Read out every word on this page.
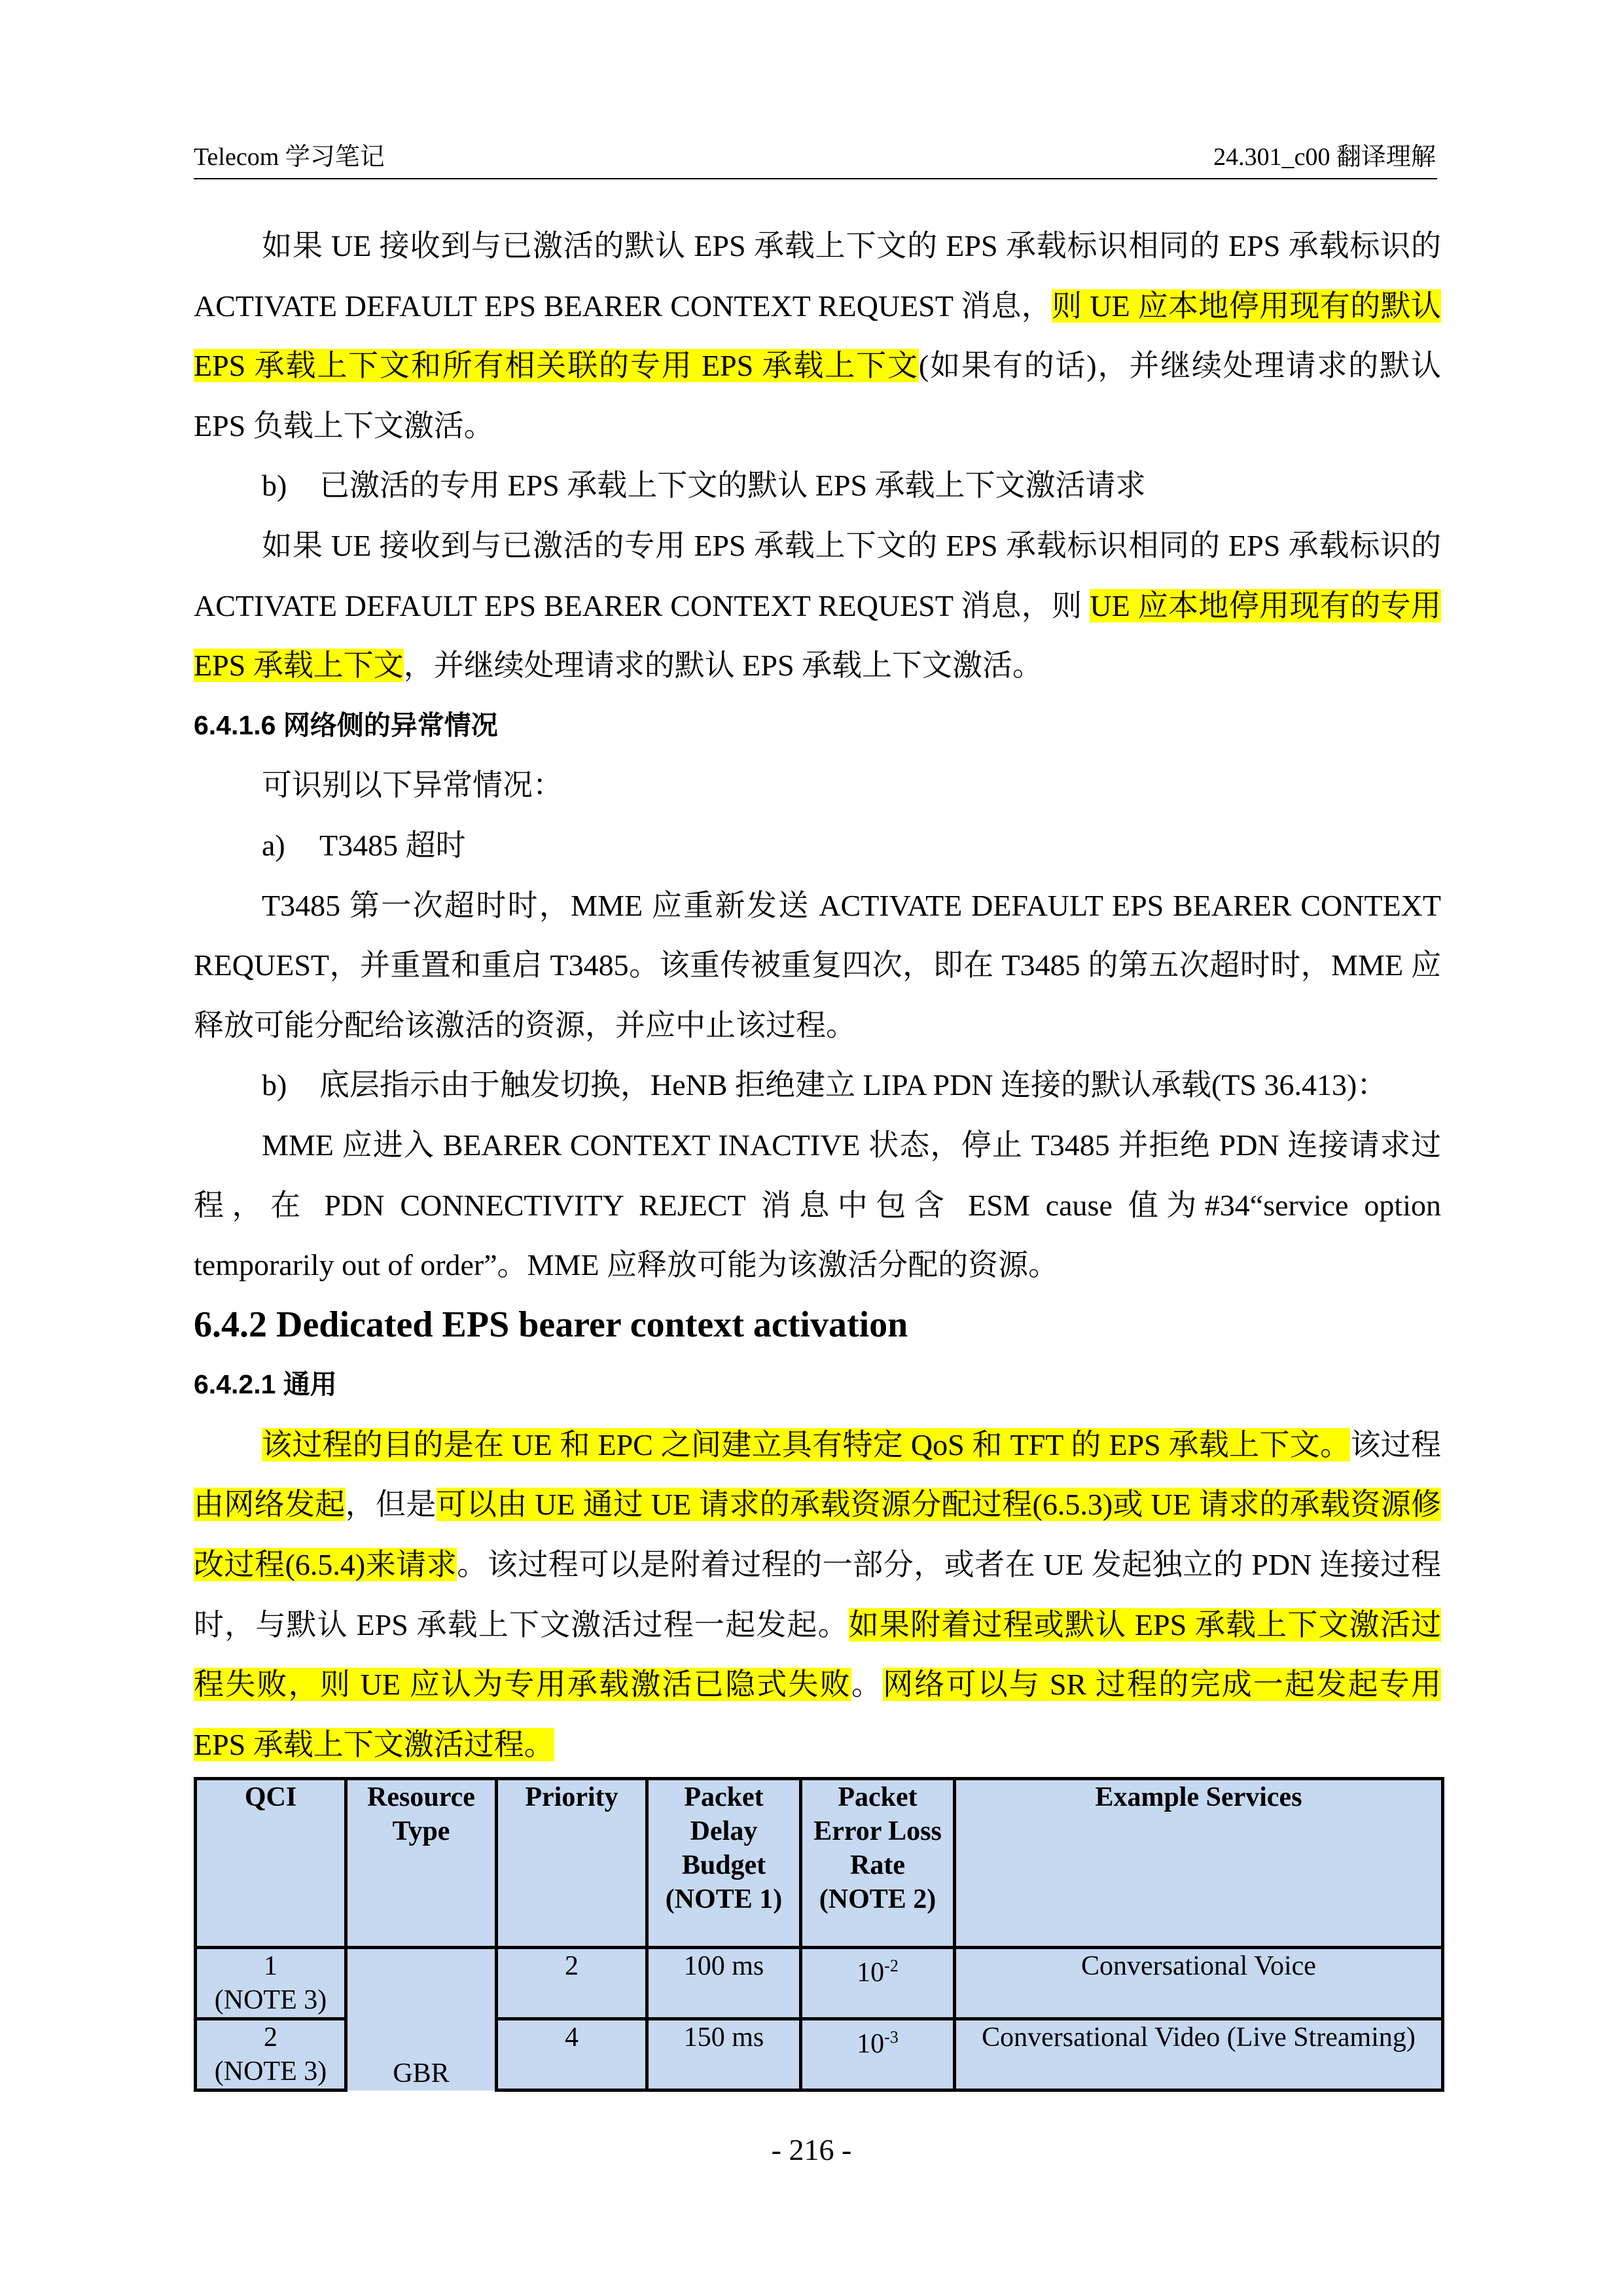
Telecom 学习笔记	24.301_c00 翻译理解

如果 UE 接收到与已激活的默认 EPS 承载上下文的 EPS 承载标识相同的 EPS 承载标识的 ACTIVATE DEFAULT EPS BEARER CONTEXT REQUEST 消息，则 UE 应本地停用现有的默认 EPS 承载上下文和所有相关联的专用 EPS 承载上下文(如果有的话)，并继续处理请求的默认 EPS 负载上下文激活。

b) 已激活的专用 EPS 承载上下文的默认 EPS 承载上下文激活请求

如果 UE 接收到与已激活的专用 EPS 承载上下文的 EPS 承载标识相同的 EPS 承载标识的 ACTIVATE DEFAULT EPS BEARER CONTEXT REQUEST 消息，则 UE 应本地停用现有的专用 EPS 承载上下文，并继续处理请求的默认 EPS 承载上下文激活。

6.4.1.6 网络侧的异常情况

可识别以下异常情况：

a) T3485 超时

T3485 第一次超时时，MME 应重新发送 ACTIVATE DEFAULT EPS BEARER CONTEXT REQUEST，并重置和重启 T3485。该重传被重复四次，即在 T3485 的第五次超时时，MME 应释放可能分配给该激活的资源，并应中止该过程。

b) 底层指示由于触发切换，HeNB 拒绝建立 LIPA PDN 连接的默认承载(TS 36.413)：

MME 应进入 BEARER CONTEXT INACTIVE 状态，停止 T3485 并拒绝 PDN 连接请求过程，在 PDN CONNECTIVITY REJECT 消息中包含 ESM cause 值为#34“service option temporarily out of order”。MME 应释放可能为该激活分配的资源。

6.4.2 Dedicated EPS bearer context activation
6.4.2.1 通用

该过程的目的是在 UE 和 EPC 之间建立具有特定 QoS 和 TFT 的 EPS 承载上下文。该过程由网络发起，但是可以由 UE 通过 UE 请求的承载资源分配过程(6.5.3)或 UE 请求的承载资源修改过程(6.5.4)来请求。该过程可以是附着过程的一部分，或者在 UE 发起独立的 PDN 连接过程时，与默认 EPS 承载上下文激活过程一起发起。如果附着过程或默认 EPS 承载上下文激活过程失败，则 UE 应认为专用承载激活已隐式失败。网络可以与 SR 过程的完成一起发起专用 EPS 承载上下文激活过程。

QCI	Resource Type	Priority	Packet Delay Budget (NOTE 1)	Packet Error Loss Rate (NOTE 2)	Example Services
1
(NOTE 3)	GBR	2	100 ms	$10^{-2}$	Conversational Voice
2
(NOTE 3)		4	150 ms	$10^{-3}$	Conversational Video (Live Streaming)
- 216 -
